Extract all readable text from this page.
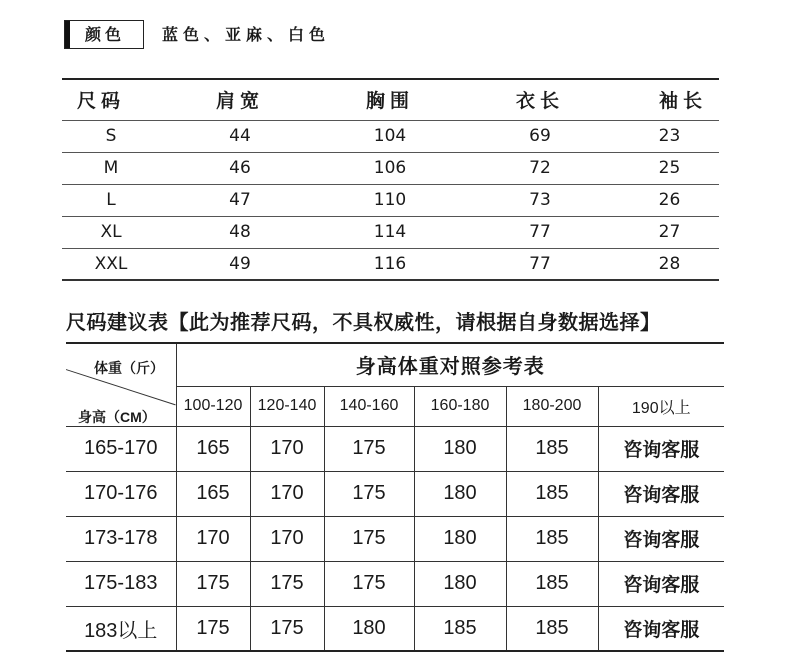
颜色 蓝色、亚麻、白色
尺码	肩宽	胸围	衣长	袖长
S	44	104	69	23
M	46	106	72	25
L	47	110	73	26
XL	48	114	77	27
XXL	49	116	77	28
尺码建议表【此为推荐尺码，不具权威性，请根据自身数据选择】
体重（斤）
身高（CM）	身高体重对照参考表					
	100-120	120-140	140-160	160-180	180-200	190以上
165-170	165	170	175	180	185	咨询客服
170-176	165	170	175	180	185	咨询客服
173-178	170	170	175	180	185	咨询客服
175-183	175	175	175	180	185	咨询客服
183以上	175	175	180	185	185	咨询客服
